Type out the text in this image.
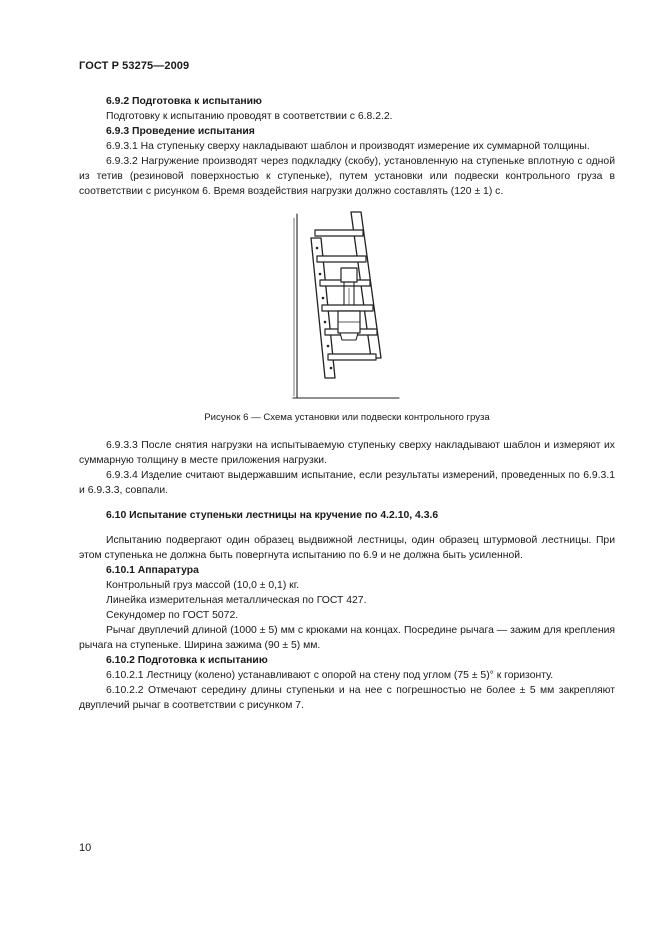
ГОСТ Р 53275—2009

6.9.2 Подготовка к испытанию

Подготовку к испытанию проводят в соответствии с 6.8.2.2.

6.9.3 Проведение испытания

6.9.3.1 На ступеньку сверху накладывают шаблон и производят измерение их суммарной толщины.

6.9.3.2 Нагружение производят через подкладку (скобу), установленную на ступеньке вплотную с одной из тетив (резиновой поверхностью к ступеньке), путем установки или подвески контрольного груза в соответствии с рисунком 6. Время воздействия нагрузки должно составлять (120 ± 1) с.

Рисунок 6 — Схема установки или подвески контрольного груза

6.9.3.3 После снятия нагрузки на испытываемую ступеньку сверху накладывают шаблон и измеряют их суммарную толщину в месте приложения нагрузки.

6.9.3.4 Изделие считают выдержавшим испытание, если результаты измерений, проведенных по 6.9.3.1 и 6.9.3.3, совпали.

6.10 Испытание ступеньки лестницы на кручение по 4.2.10, 4.3.6

Испытанию подвергают один образец выдвижной лестницы, один образец штурмовой лестницы. При этом ступенька не должна быть повергнута испытанию по 6.9 и не должна быть усиленной.

6.10.1 Аппаратура

Контрольный груз массой (10,0 ± 0,1) кг.

Линейка измерительная металлическая по ГОСТ 427.

Секундомер по ГОСТ 5072.

Рычаг двуплечий длиной (1000 ± 5) мм с крюками на концах. Посредине рычага — зажим для крепления рычага на ступеньке. Ширина зажима (90 ± 5) мм.

6.10.2 Подготовка к испытанию

6.10.2.1 Лестницу (колено) устанавливают с опорой на стену под углом (75 ± 5)° к горизонту.

6.10.2.2 Отмечают середину длины ступеньки и на нее с погрешностью не более ± 5 мм закрепляют двуплечий рычаг в соответствии с рисунком 7.

10
